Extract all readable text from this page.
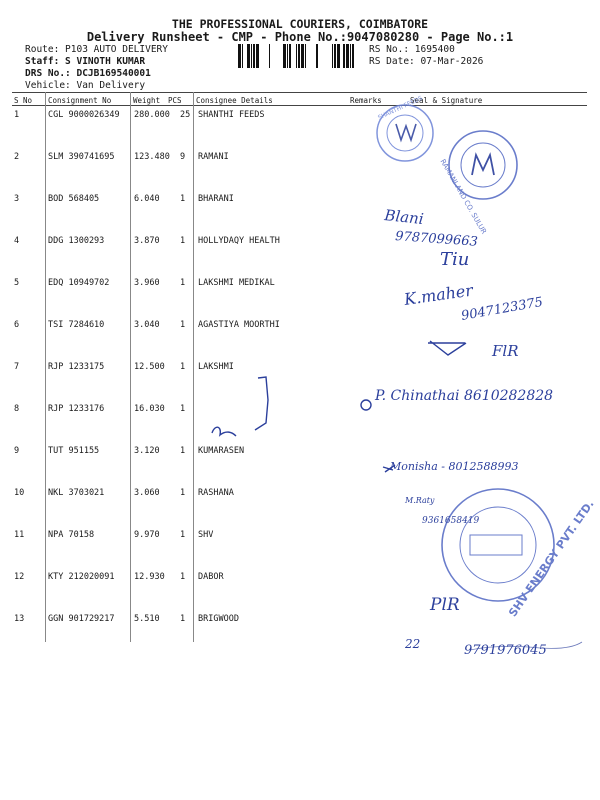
THE PROFESSIONAL COURIERS, COIMBATORE
Delivery Runsheet - CMP - Phone No.:9047080280 - Page No.:1
Route: P103 AUTO DELIVERY
Staff: S VINOTH KUMAR
DRS No.: DCJB169540001
Vehicle: Van Delivery
RS No.: 1695400
RS Date: 07-Mar-2026
S No Consignment No	Weight PCS Consignee Details	Remarks	Seal & Signature
1	CGL 9000026349 280.000 25 SHANTHI FEEDS
2	SLM 390741695 123.480 9 RAMANI
3	BOD 568405	6.040 1 BHARANI
4	DDG 1300293	3.870 1 HOLLYDAQY HEALTH
5	EDQ 10949702	3.960 1 LAKSHMI MEDIKAL
6	TSI 7284610	3.040 1 AGASTIYA MOORTHI
7	RJP 1233175	12.500 1 LAKSHMI
8	RJP 1233176	16.030 1
9	TUT 951155	3.120 1 KUMARASEN
10	NKL 3703021	3.060 1 RASHANA
11	NPA 70158	9.970 1 SHV
12	KTY 212020091 12.930 1 DABOR
13	GGN 901729217 5.510 1 BRIGWOOD
SHANTHI FEEDS
RAMANI AND CO. SULUR
SHV ENERGY PVT. LTD.
Blani
9787099663
Tiu
K.maher
9047123375
FlR
P. Chinathai 8610282828
Monisha - 8012588993
M.Raty
9361658419
PlR
22	9791976045
